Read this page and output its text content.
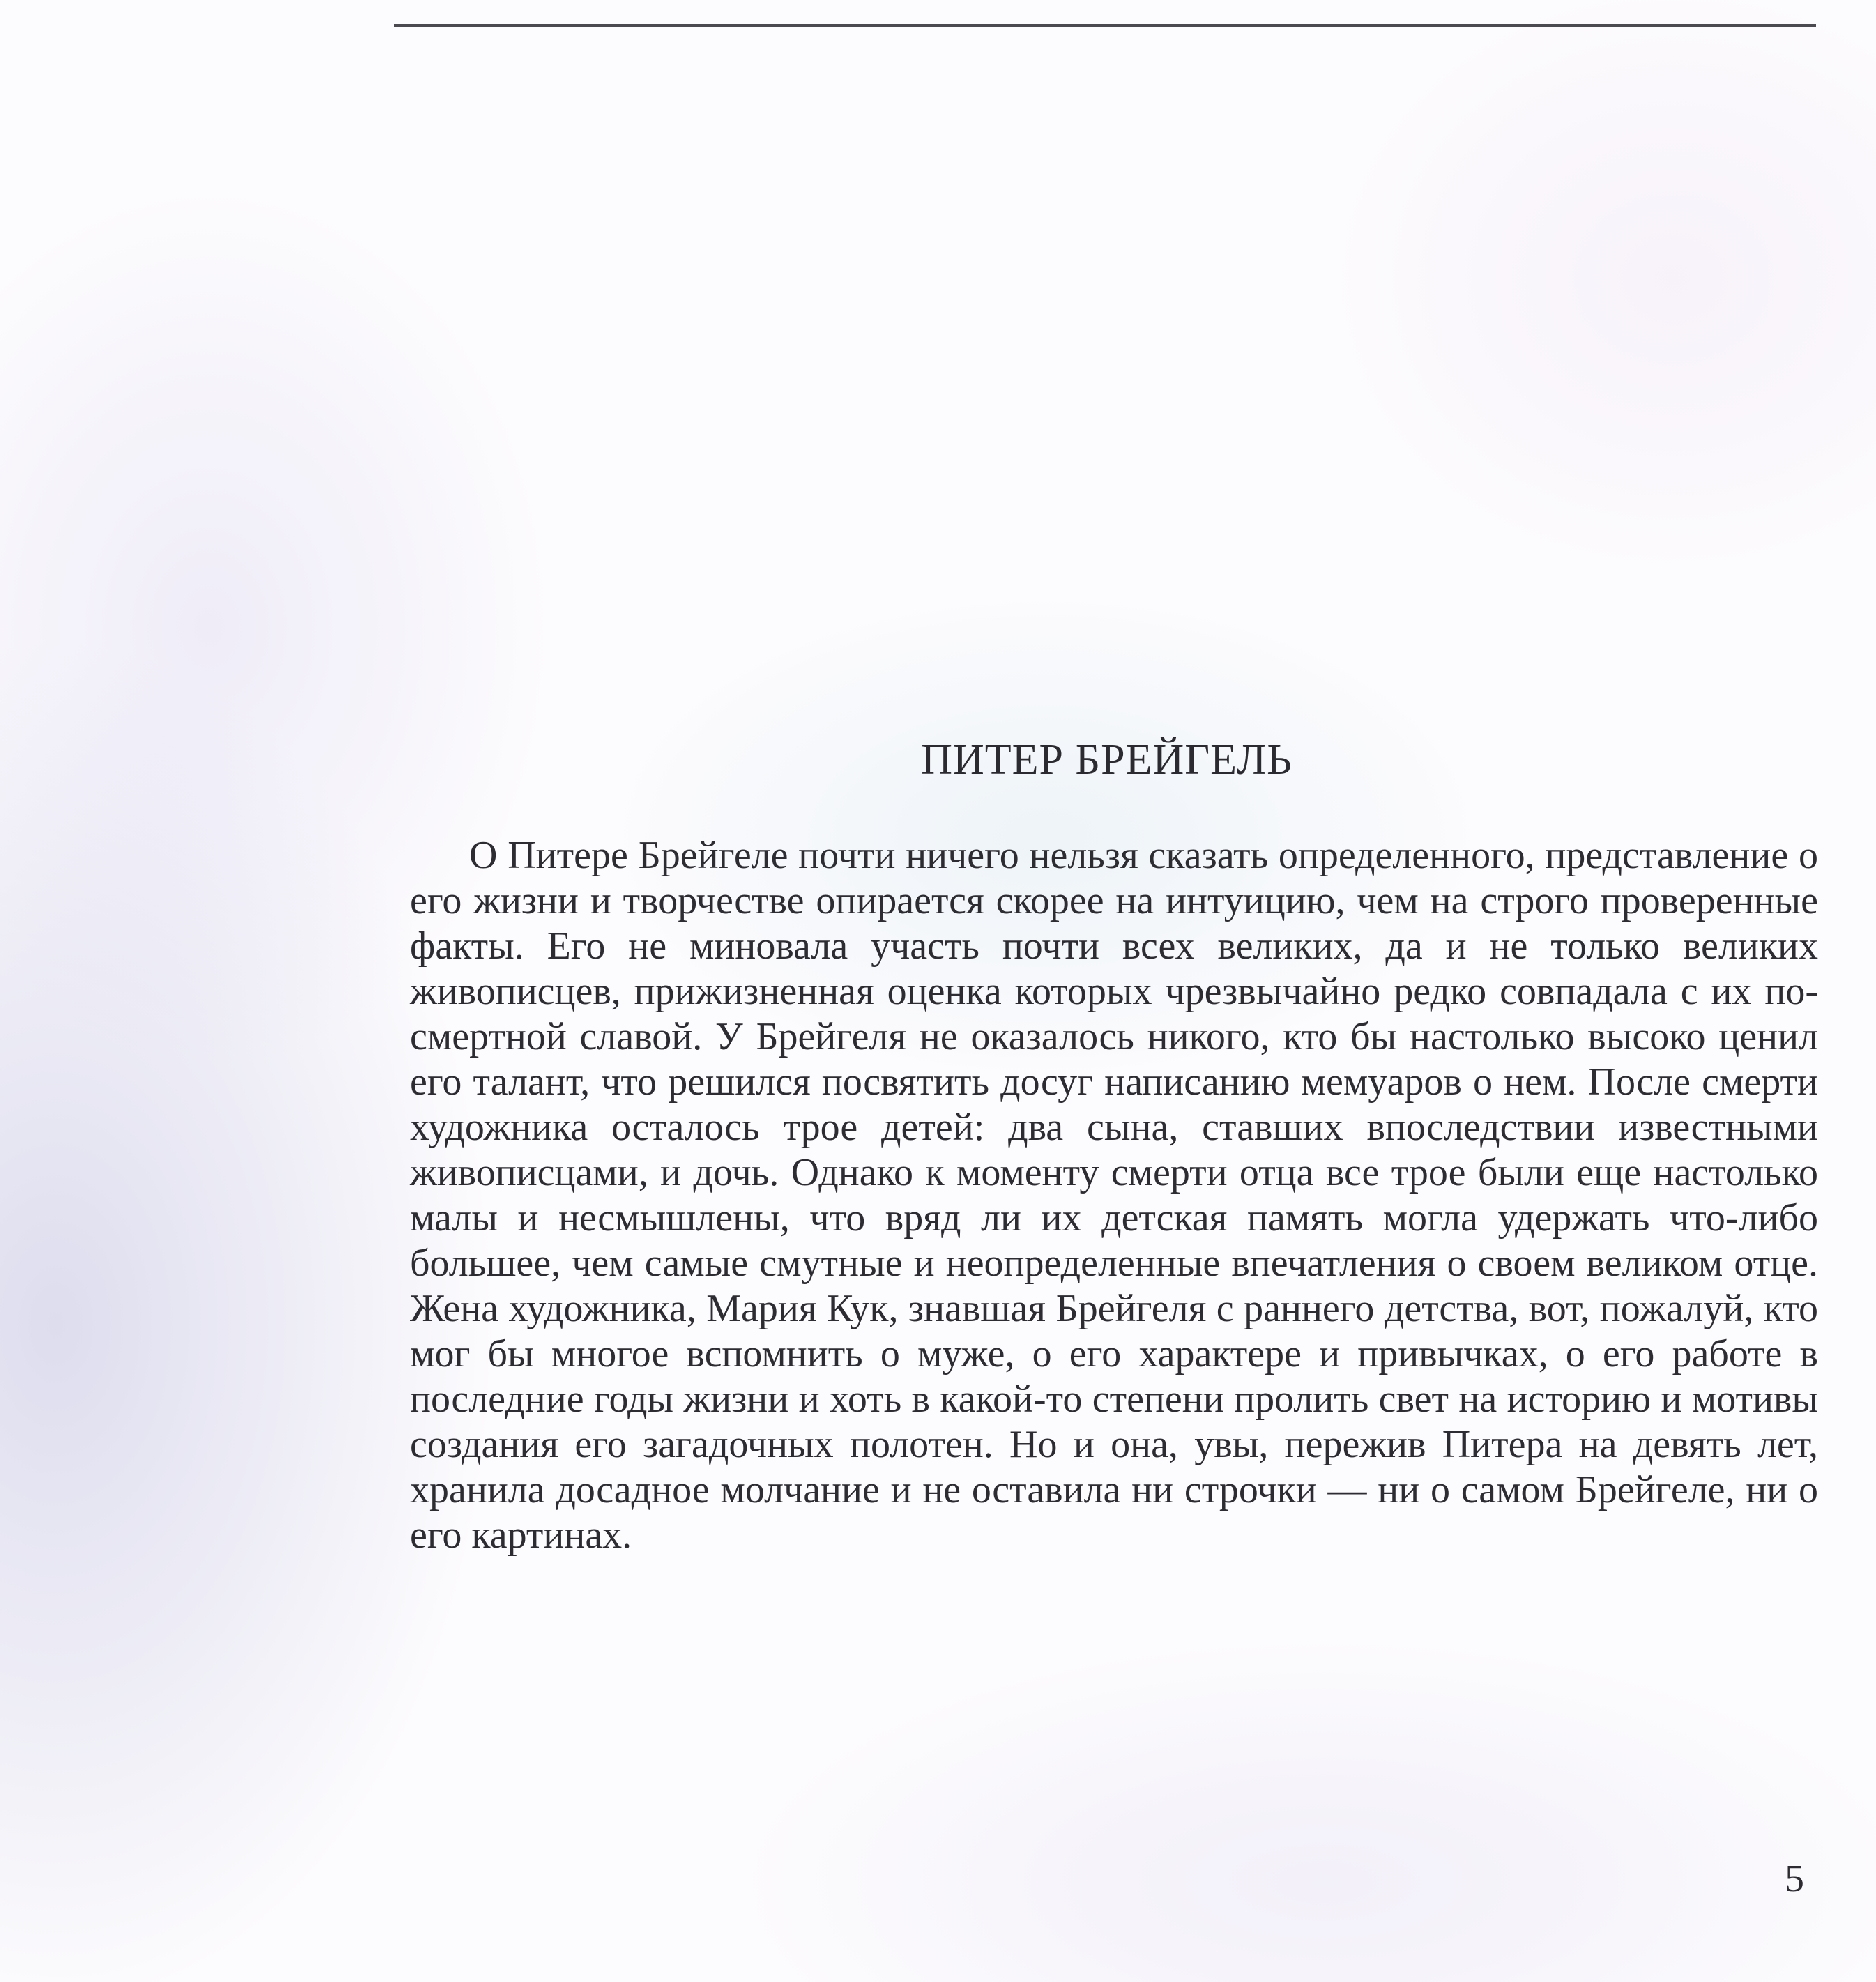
ПИТЕР БРЕЙГЕЛЬ

О Питере Брейгеле почти ничего нельзя сказать определенного, представление о его жизни и творчестве опирается скорее на интуицию, чем на строго проверенные факты. Его не миновала участь почти всех великих, да и не только великих живописцев, прижизненная оценка которых чрезвычайно редко совпадала с их посмертной славой. У Брейгеля не оказалось никого, кто бы настолько высоко ценил его талант, что решился посвятить досуг написанию мемуаров о нем. После смерти художника осталось трое детей: два сына, ставших впоследствии известными живописцами, и дочь. Однако к моменту смерти отца все трое были еще настолько малы и несмышлены, что вряд ли их детская память могла удержать что-либо большее, чем самые смутные и неопределенные впечатления о своем великом отце. Жена художника, Мария Кук, знавшая Брейгеля с раннего детства, вот, пожалуй, кто мог бы многое вспомнить о муже, о его характере и привычках, о его работе в последние годы жизни и хоть в какой-то степени пролить свет на историю и мотивы создания его загадочных полотен. Но и она, увы, пережив Питера на девять лет, хранила досадное молчание и не оставила ни строчки — ни о самом Брейгеле, ни о его картинах.

5
